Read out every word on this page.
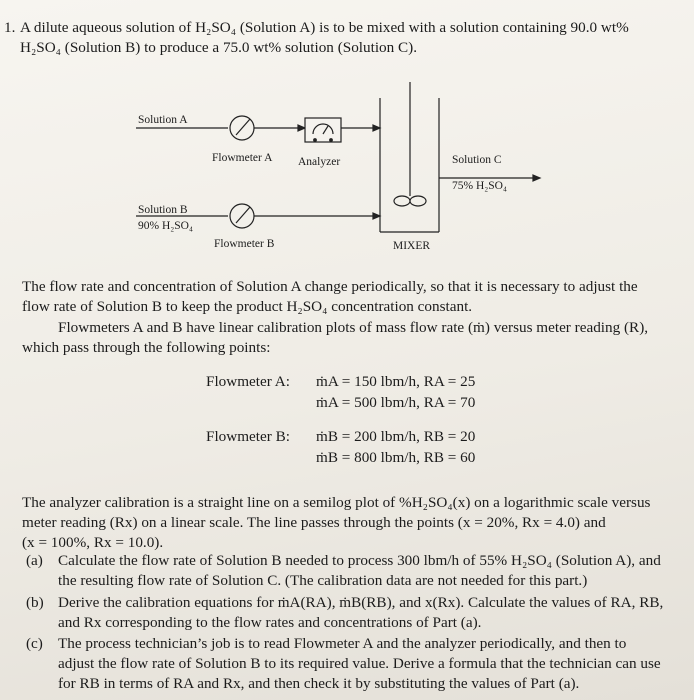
1. A dilute aqueous solution of H₂SO₄ (Solution A) is to be mixed with a solution containing 90.0 wt%
H₂SO₄ (Solution B) to produce a 75.0 wt% solution (Solution C).
Solution A
Flowmeter A Analyzer	Solution C
75% H₂SO₄
Solution B
90% H₂SO₄
Flowmeter B	MIXER
The flow rate and concentration of Solution A change periodically, so that it is necessary to adjust the
flow rate of Solution B to keep the product H₂SO₄ concentration constant.
Flowmeters A and B have linear calibration plots of mass flow rate (ṁ) versus meter reading (R),
which pass through the following points:
Flowmeter A: ṁA = 150 lbm/h, RA = 25
ṁA = 500 lbm/h, RA = 70
Flowmeter B: ṁB = 200 lbm/h, RB = 20
ṁB = 800 lbm/h, RB = 60
The analyzer calibration is a straight line on a semilog plot of %H₂SO₄(x) on a logarithmic scale versus
meter reading (Rx) on a linear scale. The line passes through the points (x = 20%, Rx = 4.0) and
(x = 100%, Rx = 10.0).
(a) Calculate the flow rate of Solution B needed to process 300 lbm/h of 55% H₂SO₄ (Solution A), and
the resulting flow rate of Solution C. (The calibration data are not needed for this part.)
(b) Derive the calibration equations for ṁA(RA), ṁB(RB), and x(Rx). Calculate the values of RA, RB,
and Rx corresponding to the flow rates and concentrations of Part (a).
(c) The process technician’s job is to read Flowmeter A and the analyzer periodically, and then to
adjust the flow rate of Solution B to its required value. Derive a formula that the technician can use
for RB in terms of RA and Rx, and then check it by substituting the values of Part (a).
